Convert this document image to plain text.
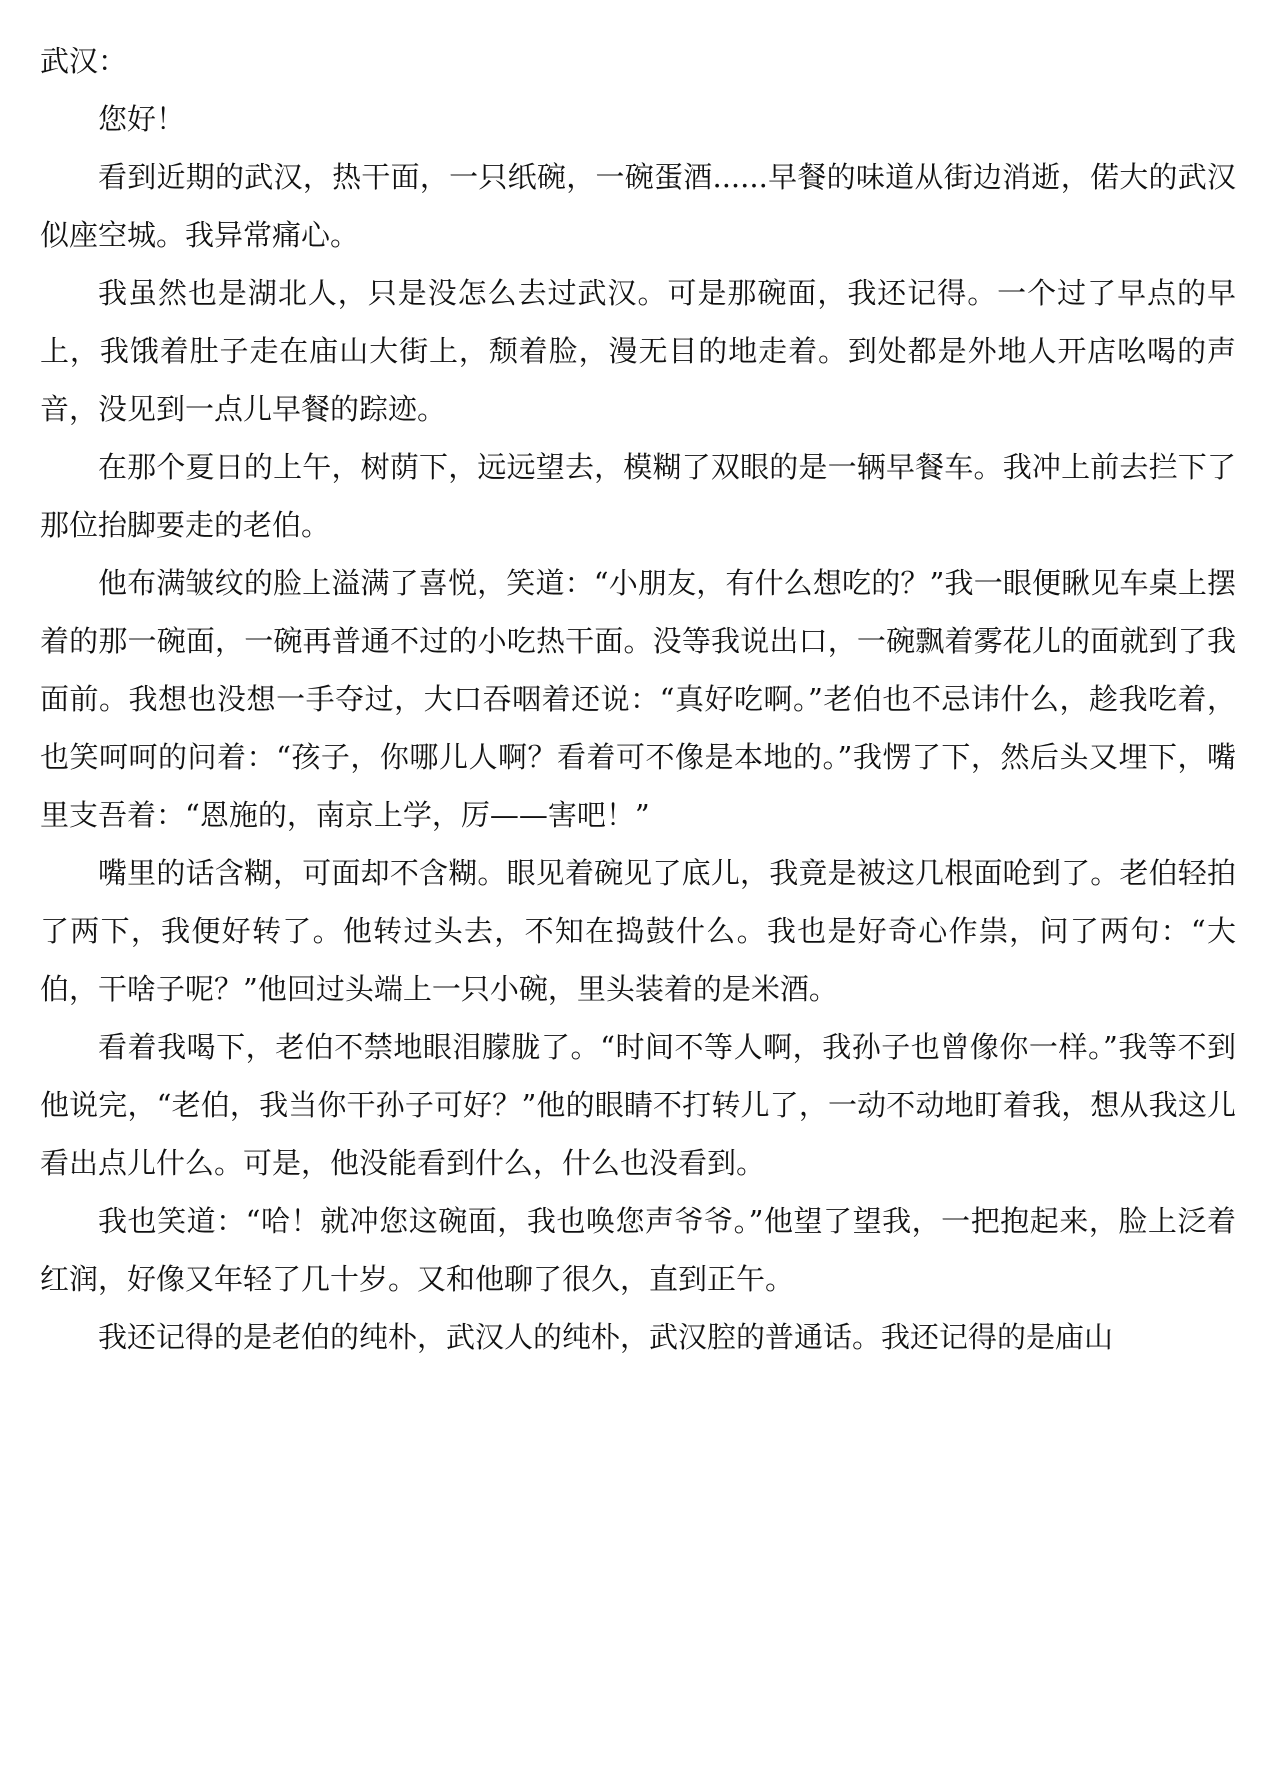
武汉：

您好！

看到近期的武汉，热干面，一只纸碗，一碗蛋酒......早餐的味道从街边消逝，偌大的武汉似座空城。我异常痛心。

我虽然也是湖北人，只是没怎么去过武汉。可是那碗面，我还记得。一个过了早点的早上，我饿着肚子走在庙山大街上，颓着脸，漫无目的地走着。到处都是外地人开店吆喝的声音，没见到一点儿早餐的踪迹。

在那个夏日的上午，树荫下，远远望去，模糊了双眼的是一辆早餐车。我冲上前去拦下了那位抬脚要走的老伯。

他布满皱纹的脸上溢满了喜悦，笑道：“小朋友，有什么想吃的？”我一眼便瞅见车桌上摆着的那一碗面，一碗再普通不过的小吃热干面。没等我说出口，一碗飘着雾花儿的面就到了我面前。我想也没想一手夺过，大口吞咽着还说：“真好吃啊。”老伯也不忌讳什么，趁我吃着，也笑呵呵的问着：“孩子，你哪儿人啊？看着可不像是本地的。”我愣了下，然后头又埋下，嘴里支吾着：“恩施的，南京上学，厉——害吧！”

嘴里的话含糊，可面却不含糊。眼见着碗见了底儿，我竟是被这几根面呛到了。老伯轻拍了两下，我便好转了。他转过头去，不知在捣鼓什么。我也是好奇心作祟，问了两句：“大伯，干啥子呢？”他回过头端上一只小碗，里头装着的是米酒。

看着我喝下，老伯不禁地眼泪朦胧了。“时间不等人啊，我孙子也曾像你一样。”我等不到他说完，“老伯，我当你干孙子可好？”他的眼睛不打转儿了，一动不动地盯着我，想从我这儿看出点儿什么。可是，他没能看到什么，什么也没看到。

我也笑道：“哈！就冲您这碗面，我也唤您声爷爷。”他望了望我，一把抱起来，脸上泛着红润，好像又年轻了几十岁。又和他聊了很久，直到正午。

我还记得的是老伯的纯朴，武汉人的纯朴，武汉腔的普通话。我还记得的是庙山
